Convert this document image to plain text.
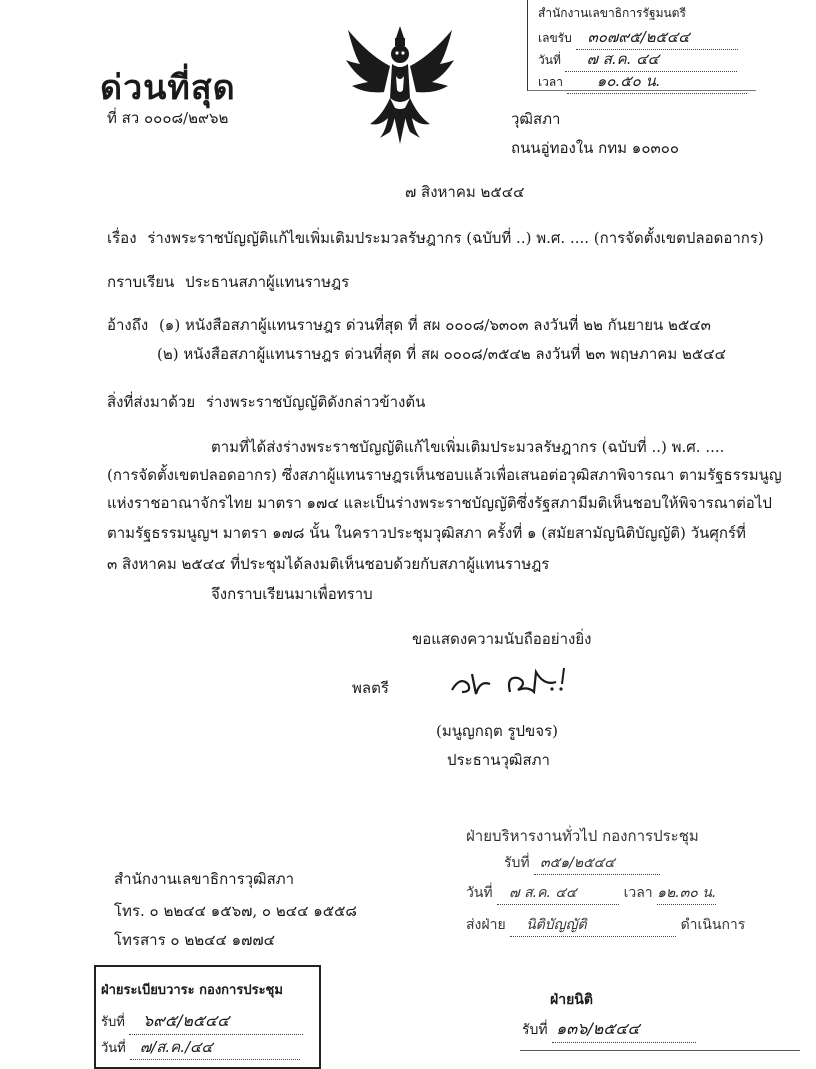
สำนักงานเลขาธิการรัฐมนตรี
เลขรับ ๓๐๗๙๕/๒๕๔๔
วันที่ ๗ ส.ค. ๔๔
เวลา ๑๐.๕๐ น.
ด่วนที่สุด
ที่ สว ๐๐๐๘/๒๙๖๒	วุฒิสภา
ถนนอู่ทองใน กทม ๑๐๓๐๐
๗ สิงหาคม ๒๕๔๔
เรื่อง ร่างพระราชบัญญัติแก้ไขเพิ่มเติมประมวลรัษฎากร (ฉบับที่ ..) พ.ศ. .... (การจัดตั้งเขตปลอดอากร)
กราบเรียน ประธานสภาผู้แทนราษฎร
อ้างถึง (๑) หนังสือสภาผู้แทนราษฎร ด่วนที่สุด ที่ สผ ๐๐๐๘/๖๓๐๓ ลงวันที่ ๒๒ กันยายน ๒๕๔๓
(๒) หนังสือสภาผู้แทนราษฎร ด่วนที่สุด ที่ สผ ๐๐๐๘/๓๕๔๒ ลงวันที่ ๒๓ พฤษภาคม ๒๕๔๔
สิ่งที่ส่งมาด้วย ร่างพระราชบัญญัติดังกล่าวข้างต้น
ตามที่ได้ส่งร่างพระราชบัญญัติแก้ไขเพิ่มเติมประมวลรัษฎากร (ฉบับที่ ..) พ.ศ. ....
(การจัดตั้งเขตปลอดอากร) ซึ่งสภาผู้แทนราษฎรเห็นชอบแล้วเพื่อเสนอต่อวุฒิสภาพิจารณา ตามรัฐธรรมนูญ
แห่งราชอาณาจักรไทย มาตรา ๑๗๔ และเป็นร่างพระราชบัญญัติซึ่งรัฐสภามีมติเห็นชอบให้พิจารณาต่อไป
ตามรัฐธรรมนูญฯ มาตรา ๑๗๘ นั้น ในคราวประชุมวุฒิสภา ครั้งที่ ๑ (สมัยสามัญนิติบัญญัติ) วันศุกร์ที่
๓ สิงหาคม ๒๕๔๔ ที่ประชุมได้ลงมติเห็นชอบด้วยกับสภาผู้แทนราษฎร
จึงกราบเรียนมาเพื่อทราบ
ขอแสดงความนับถืออย่างยิ่ง
พลตรี
(มนูญกฤต รูปขจร)
ประธานวุฒิสภา
ฝ่ายบริหารงานทั่วไป กองการประชุม
รับที่ ๓๕๑/๒๕๔๔
วันที่ ๗ ส.ค. ๔๔	เวลา ๑๒.๓๐ น.
ส่งฝ่าย นิติบัญญัติ	ดำเนินการ
สำนักงานเลขาธิการวุฒิสภา
โทร. ๐ ๒๒๔๔ ๑๕๖๗, ๐ ๒๔๔ ๑๕๕๘
โทรสาร ๐ ๒๒๔๔ ๑๗๗๔
ฝ่ายระเบียบวาระ กองการประชุม
รับที่ ๖๙๕/๒๕๔๔
วันที่ ๗/ส.ค./๔๔
ฝ่ายนิติ
รับที่ ๑๓๖/๒๕๔๔
